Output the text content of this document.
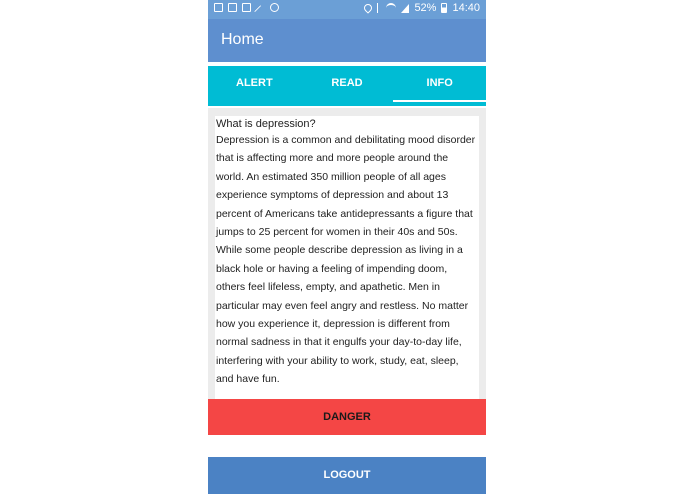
52% 14:40
Home
ALERT	READ	INFO

What is depression?

Depression is a common and debilitating mood disorder that is affecting more and more people around the world. An estimated 350 million people of all ages experience symptoms of depression and about 13 percent of Americans take antidepressants a figure that jumps to 25 percent for women in their 40s and 50s. While some people describe depression as living in a black hole or having a feeling of impending doom, others feel lifeless, empty, and apathetic. Men in particular may even feel angry and restless. No matter how you experience it, depression is different from normal sadness in that it engulfs your day-to-day life, interfering with your ability to work, study, eat, sleep, and have fun.

DANGER
LOGOUT
